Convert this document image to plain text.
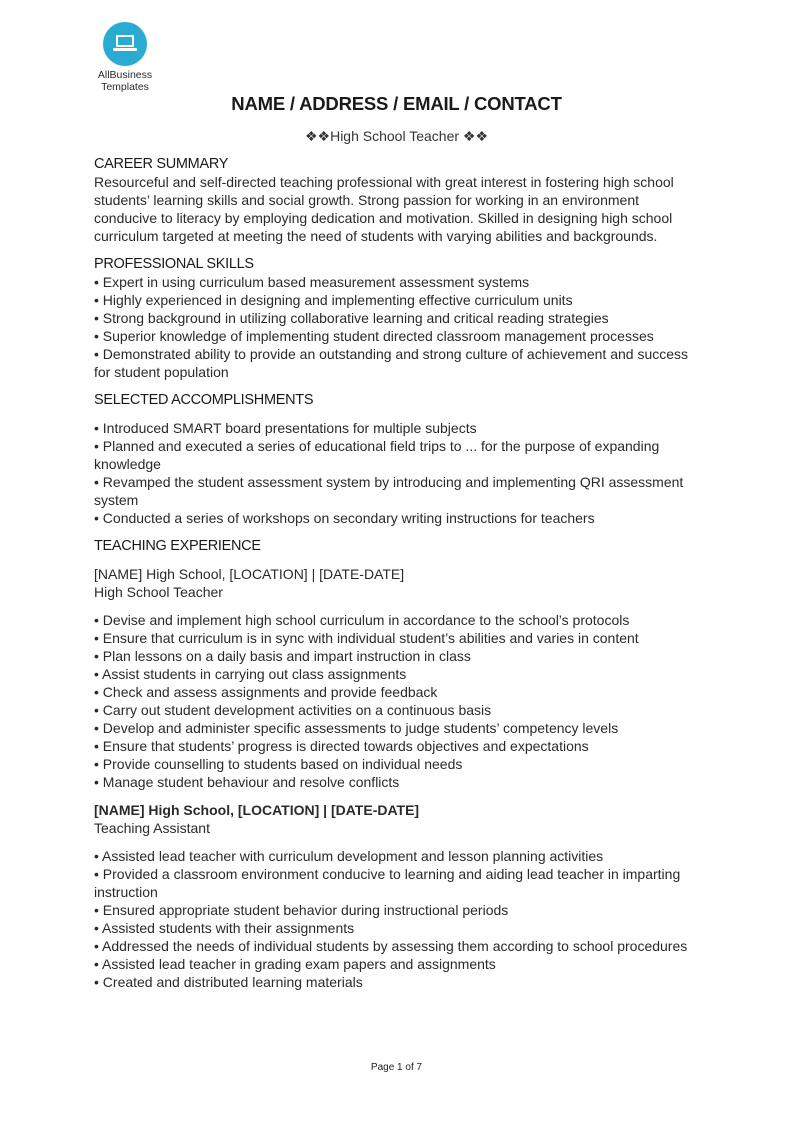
AllBusiness
Templates
NAME / ADDRESS / EMAIL / CONTACT
❖❖High School Teacher ❖❖
CAREER SUMMARY

Resourceful and self-directed teaching professional with great interest in fostering high school students’ learning skills and social growth. Strong passion for working in an environment conducive to literacy by employing dedication and motivation. Skilled in designing high school curriculum targeted at meeting the need of students with varying abilities and backgrounds.

PROFESSIONAL SKILLS
• Expert in using curriculum based measurement assessment systems
• Highly experienced in designing and implementing effective curriculum units
• Strong background in utilizing collaborative learning and critical reading strategies
• Superior knowledge of implementing student directed classroom management processes
• Demonstrated ability to provide an outstanding and strong culture of achievement and success for student population
SELECTED ACCOMPLISHMENTS
• Introduced SMART board presentations for multiple subjects
• Planned and executed a series of educational field trips to ... for the purpose of expanding knowledge
• Revamped the student assessment system by introducing and implementing QRI assessment system
• Conducted a series of workshops on secondary writing instructions for teachers
TEACHING EXPERIENCE
[NAME] High School, [LOCATION] | [DATE-DATE]
High School Teacher
• Devise and implement high school curriculum in accordance to the school’s protocols
• Ensure that curriculum is in sync with individual student’s abilities and varies in content
• Plan lessons on a daily basis and impart instruction in class
• Assist students in carrying out class assignments
• Check and assess assignments and provide feedback
• Carry out student development activities on a continuous basis
• Develop and administer specific assessments to judge students’ competency levels
• Ensure that students’ progress is directed towards objectives and expectations
• Provide counselling to students based on individual needs
• Manage student behaviour and resolve conflicts
[NAME] High School, [LOCATION] | [DATE-DATE]
Teaching Assistant
• Assisted lead teacher with curriculum development and lesson planning activities
• Provided a classroom environment conducive to learning and aiding lead teacher in imparting instruction
• Ensured appropriate student behavior during instructional periods
• Assisted students with their assignments
• Addressed the needs of individual students by assessing them according to school procedures
• Assisted lead teacher in grading exam papers and assignments
• Created and distributed learning materials
Page 1 of 7
